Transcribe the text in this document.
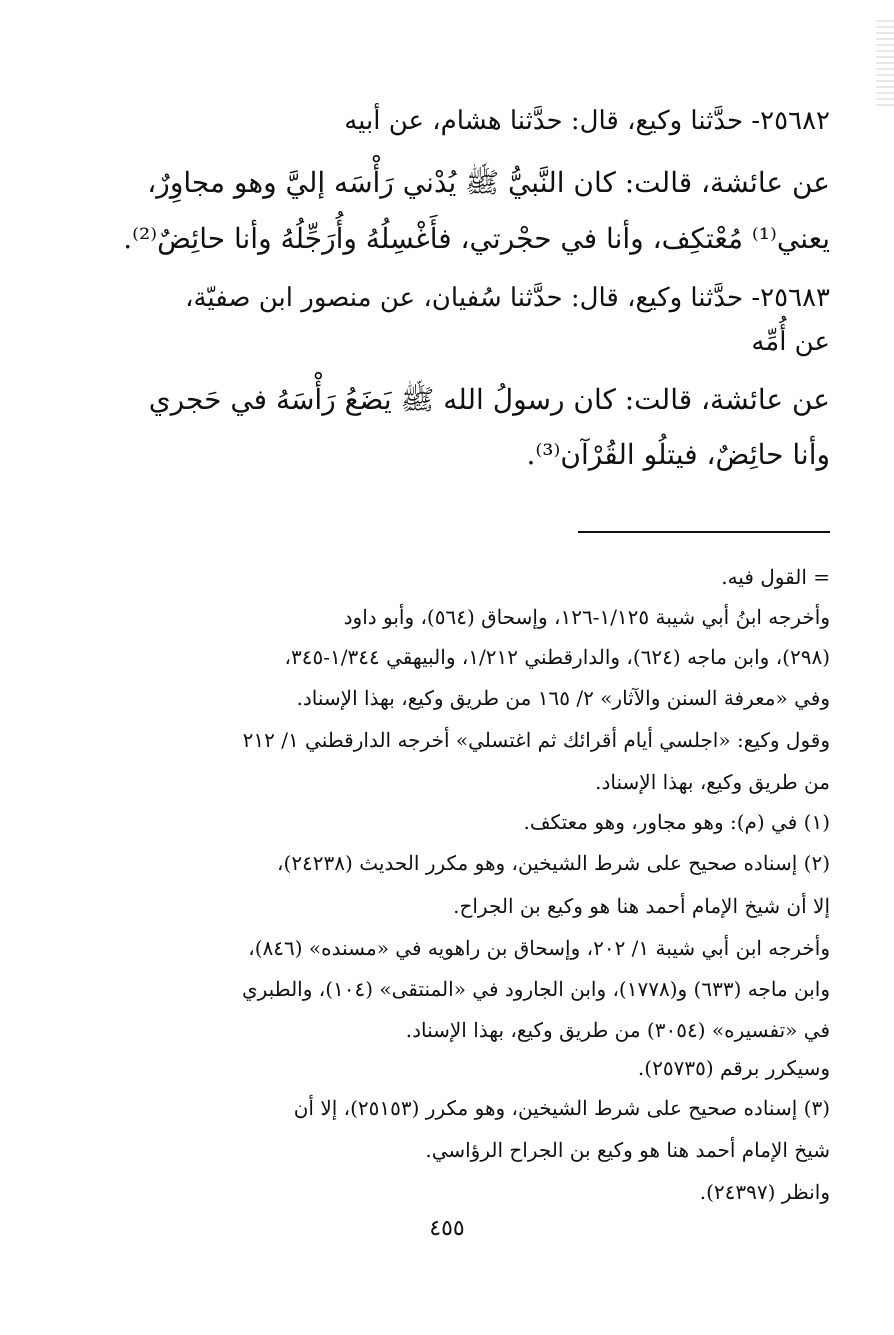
٢٥٦٨٢- حدَّثنا وكيع، قال: حدَّثنا هشام، عن أبيه
عن عائشة، قالت: كان النَّبيُّ ﷺ يُدْني رَأْسَه إليَّ وهو مجاوِرٌ،
يعني⁽¹⁾ مُعْتكِف، وأنا في حجْرتي، فأَغْسِلُهُ وأُرَجِّلُهُ وأنا حائِضٌ⁽²⁾.
٢٥٦٨٣- حدَّثنا وكيع، قال: حدَّثنا سُفيان، عن منصور ابن صفيّة،
عن أُمِّه
عن عائشة، قالت: كان رسولُ الله ﷺ يَضَعُ رَأْسَهُ في حَجري
وأنا حائِضٌ، فيتلُو القُرْآن⁽³⁾.
= القول فيه.
وأخرجه ابنُ أبي شيبة ١/١٢٥-١٢٦، وإسحاق (٥٦٤)، وأبو داود
(٢٩٨)، وابن ماجه (٦٢٤)، والدارقطني ١/٢١٢، والبيهقي ١/٣٤٤-٣٤٥،
وفي «معرفة السنن والآثار» ٢/ ١٦٥ من طريق وكيع، بهذا الإسناد.
وقول وكيع: «اجلسي أيام أقرائك ثم اغتسلي» أخرجه الدارقطني ١/ ٢١٢
من طريق وكيع، بهذا الإسناد.
(١) في (م): وهو مجاور، وهو معتكف.
(٢) إسناده صحيح على شرط الشيخين، وهو مكرر الحديث (٢٤٢٣٨)،
إلا أن شيخ الإمام أحمد هنا هو وكيع بن الجراح.
وأخرجه ابن أبي شيبة ١/ ٢٠٢، وإسحاق بن راهويه في «مسنده» (٨٤٦)،
وابن ماجه (٦٣٣) و(١٧٧٨)، وابن الجارود في «المنتقى» (١٠٤)، والطبري
في «تفسيره» (٣٠٥٤) من طريق وكيع، بهذا الإسناد.
وسيكرر برقم (٢٥٧٣٥).
(٣) إسناده صحيح على شرط الشيخين، وهو مكرر (٢٥١٥٣)، إلا أن
شيخ الإمام أحمد هنا هو وكيع بن الجراح الرؤاسي.
وانظر (٢٤٣٩٧).
٤٥٥
